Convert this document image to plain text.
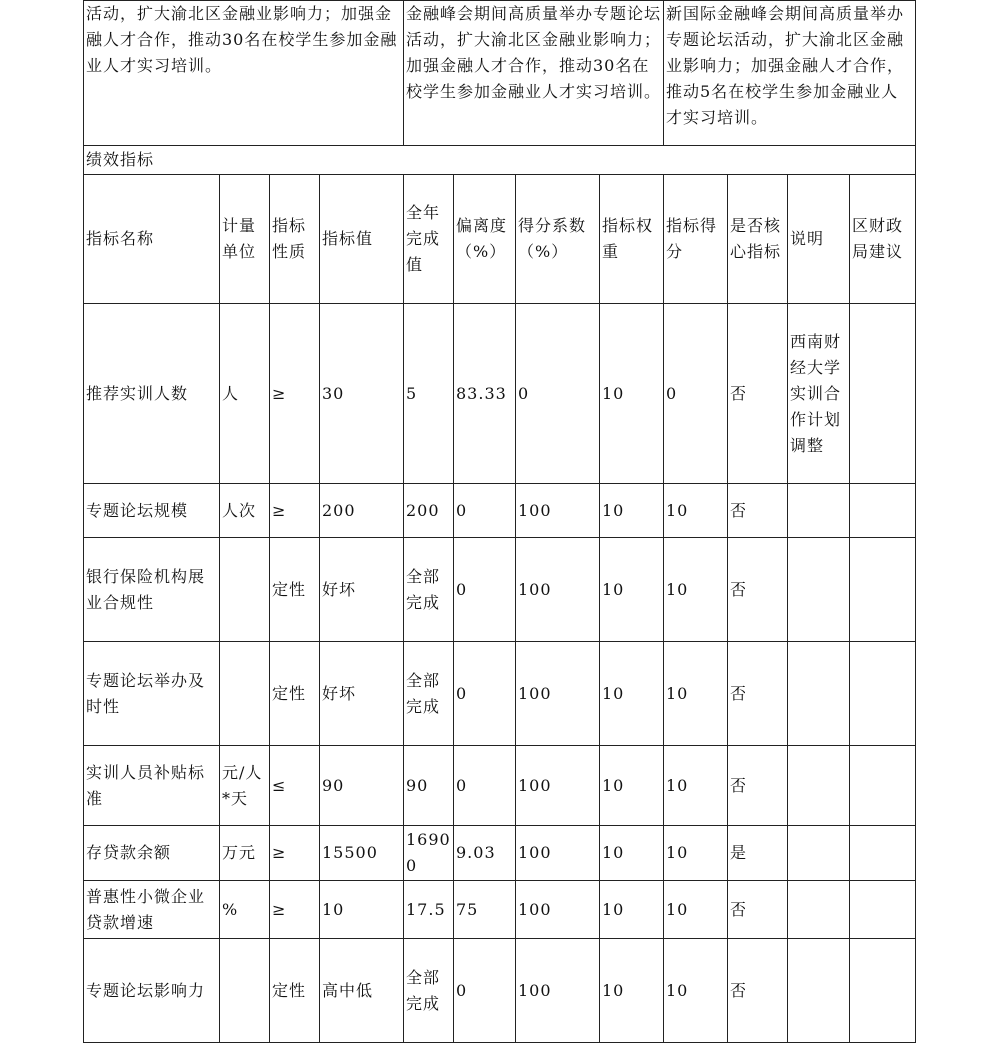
活动，扩大渝北区金融业影响力；加强金融人才合作，推动30名在校学生参加金融业人才实习培训。				金融峰会期间高质量举办专题论坛活动，扩大渝北区金融业影响力；加强金融人才合作，推动30名在校学生参加金融业人才实习培训。				新国际金融峰会期间高质量举办专题论坛活动，扩大渝北区金融业影响力；加强金融人才合作，推动5名在校学生参加金融业人才实习培训。			
绩效指标											
指标名称	计量单位	指标性质	指标值	全年完成值	偏离度（%）	得分系数（%）	指标权重	指标得分	是否核心指标	说明	区财政局建议
推荐实训人数	人	≥	30	5	83.33	0	10	0	否	西南财经大学实训合作计划调整	
专题论坛规模	人次	≥	200	200	0	100	10	10	否		
银行保险机构展业合规性		定性	好坏	全部完成	0	100	10	10	否		
专题论坛举办及时性		定性	好坏	全部完成	0	100	10	10	否		
实训人员补贴标准	元/人*天	≤	90	90	0	100	10	10	否		
存贷款余额	万元	≥	15500	16900	9.03	100	10	10	是		
普惠性小微企业贷款增速	%	≥	10	17.5	75	100	10	10	否		
专题论坛影响力		定性	高中低	全部完成	0	100	10	10	否		
